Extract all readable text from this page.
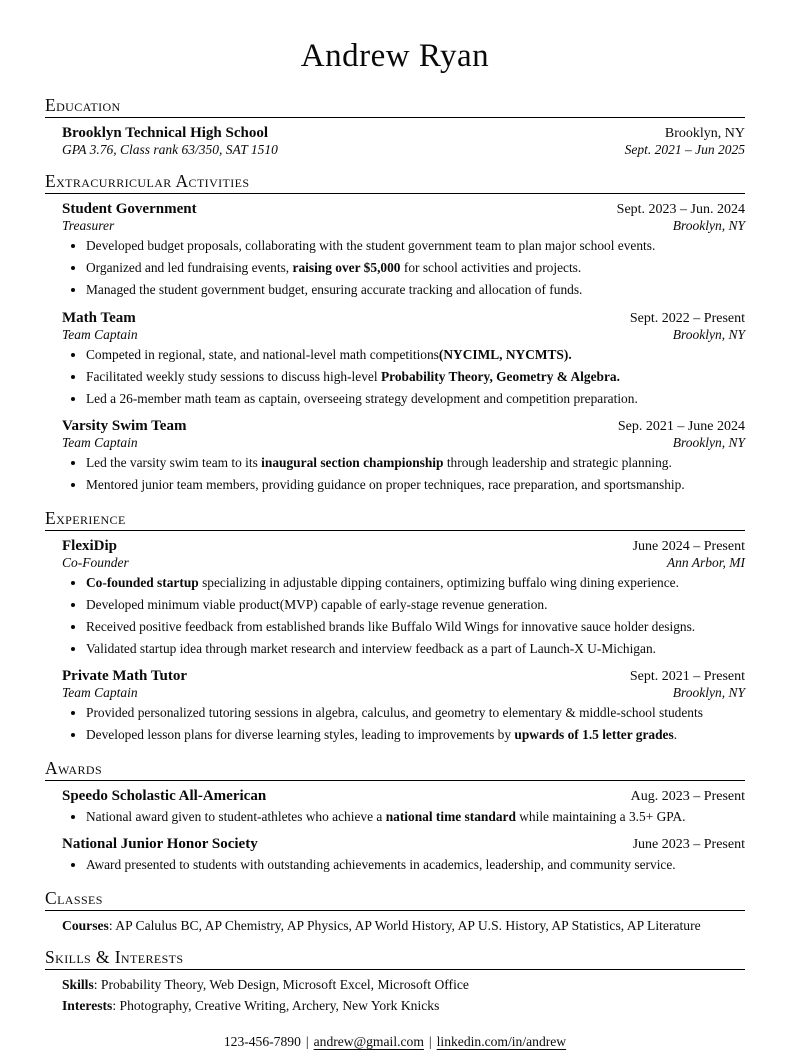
Andrew Ryan
Education
Brooklyn Technical High School	Brooklyn, NY
GPA 3.76, Class rank 63/350, SAT 1510	Sept. 2021 – Jun 2025
Extracurricular Activities
Student Government	Sept. 2023 – Jun. 2024
Treasurer	Brooklyn, NY
• Developed budget proposals, collaborating with the student government team to plan major school events.
• Organized and led fundraising events, raising over $5,000 for school activities and projects.
• Managed the student government budget, ensuring accurate tracking and allocation of funds.
Math Team	Sept. 2022 – Present
Team Captain	Brooklyn, NY
• Competed in regional, state, and national-level math competitions(NYCIML, NYCMTS).
• Facilitated weekly study sessions to discuss high-level Probability Theory, Geometry & Algebra.
• Led a 26-member math team as captain, overseeing strategy development and competition preparation.
Varsity Swim Team	Sep. 2021 – June 2024
Team Captain	Brooklyn, NY
• Led the varsity swim team to its inaugural section championship through leadership and strategic planning.
• Mentored junior team members, providing guidance on proper techniques, race preparation, and sportsmanship.
Experience
FlexiDip	June 2024 – Present
Co-Founder	Ann Arbor, MI
• Co-founded startup specializing in adjustable dipping containers, optimizing buffalo wing dining experience.
• Developed minimum viable product(MVP) capable of early-stage revenue generation.
• Received positive feedback from established brands like Buffalo Wild Wings for innovative sauce holder designs.
• Validated startup idea through market research and interview feedback as a part of Launch-X U-Michigan.
Private Math Tutor	Sept. 2021 – Present
Team Captain	Brooklyn, NY
• Provided personalized tutoring sessions in algebra, calculus, and geometry to elementary & middle-school students
• Developed lesson plans for diverse learning styles, leading to improvements by upwards of 1.5 letter grades.
Awards
Speedo Scholastic All-American	Aug. 2023 – Present
• National award given to student-athletes who achieve a national time standard while maintaining a 3.5+ GPA.
National Junior Honor Society	June 2023 – Present
• Award presented to students with outstanding achievements in academics, leadership, and community service.
Classes

Courses: AP Calulus BC, AP Chemistry, AP Physics, AP World History, AP U.S. History, AP Statistics, AP Literature

Skills & Interests

Skills: Probability Theory, Web Design, Microsoft Excel, Microsoft Office

Interests: Photography, Creative Writing, Archery, New York Knicks

123-456-7890 | andrew@gmail.com | linkedin.com/in/andrew
